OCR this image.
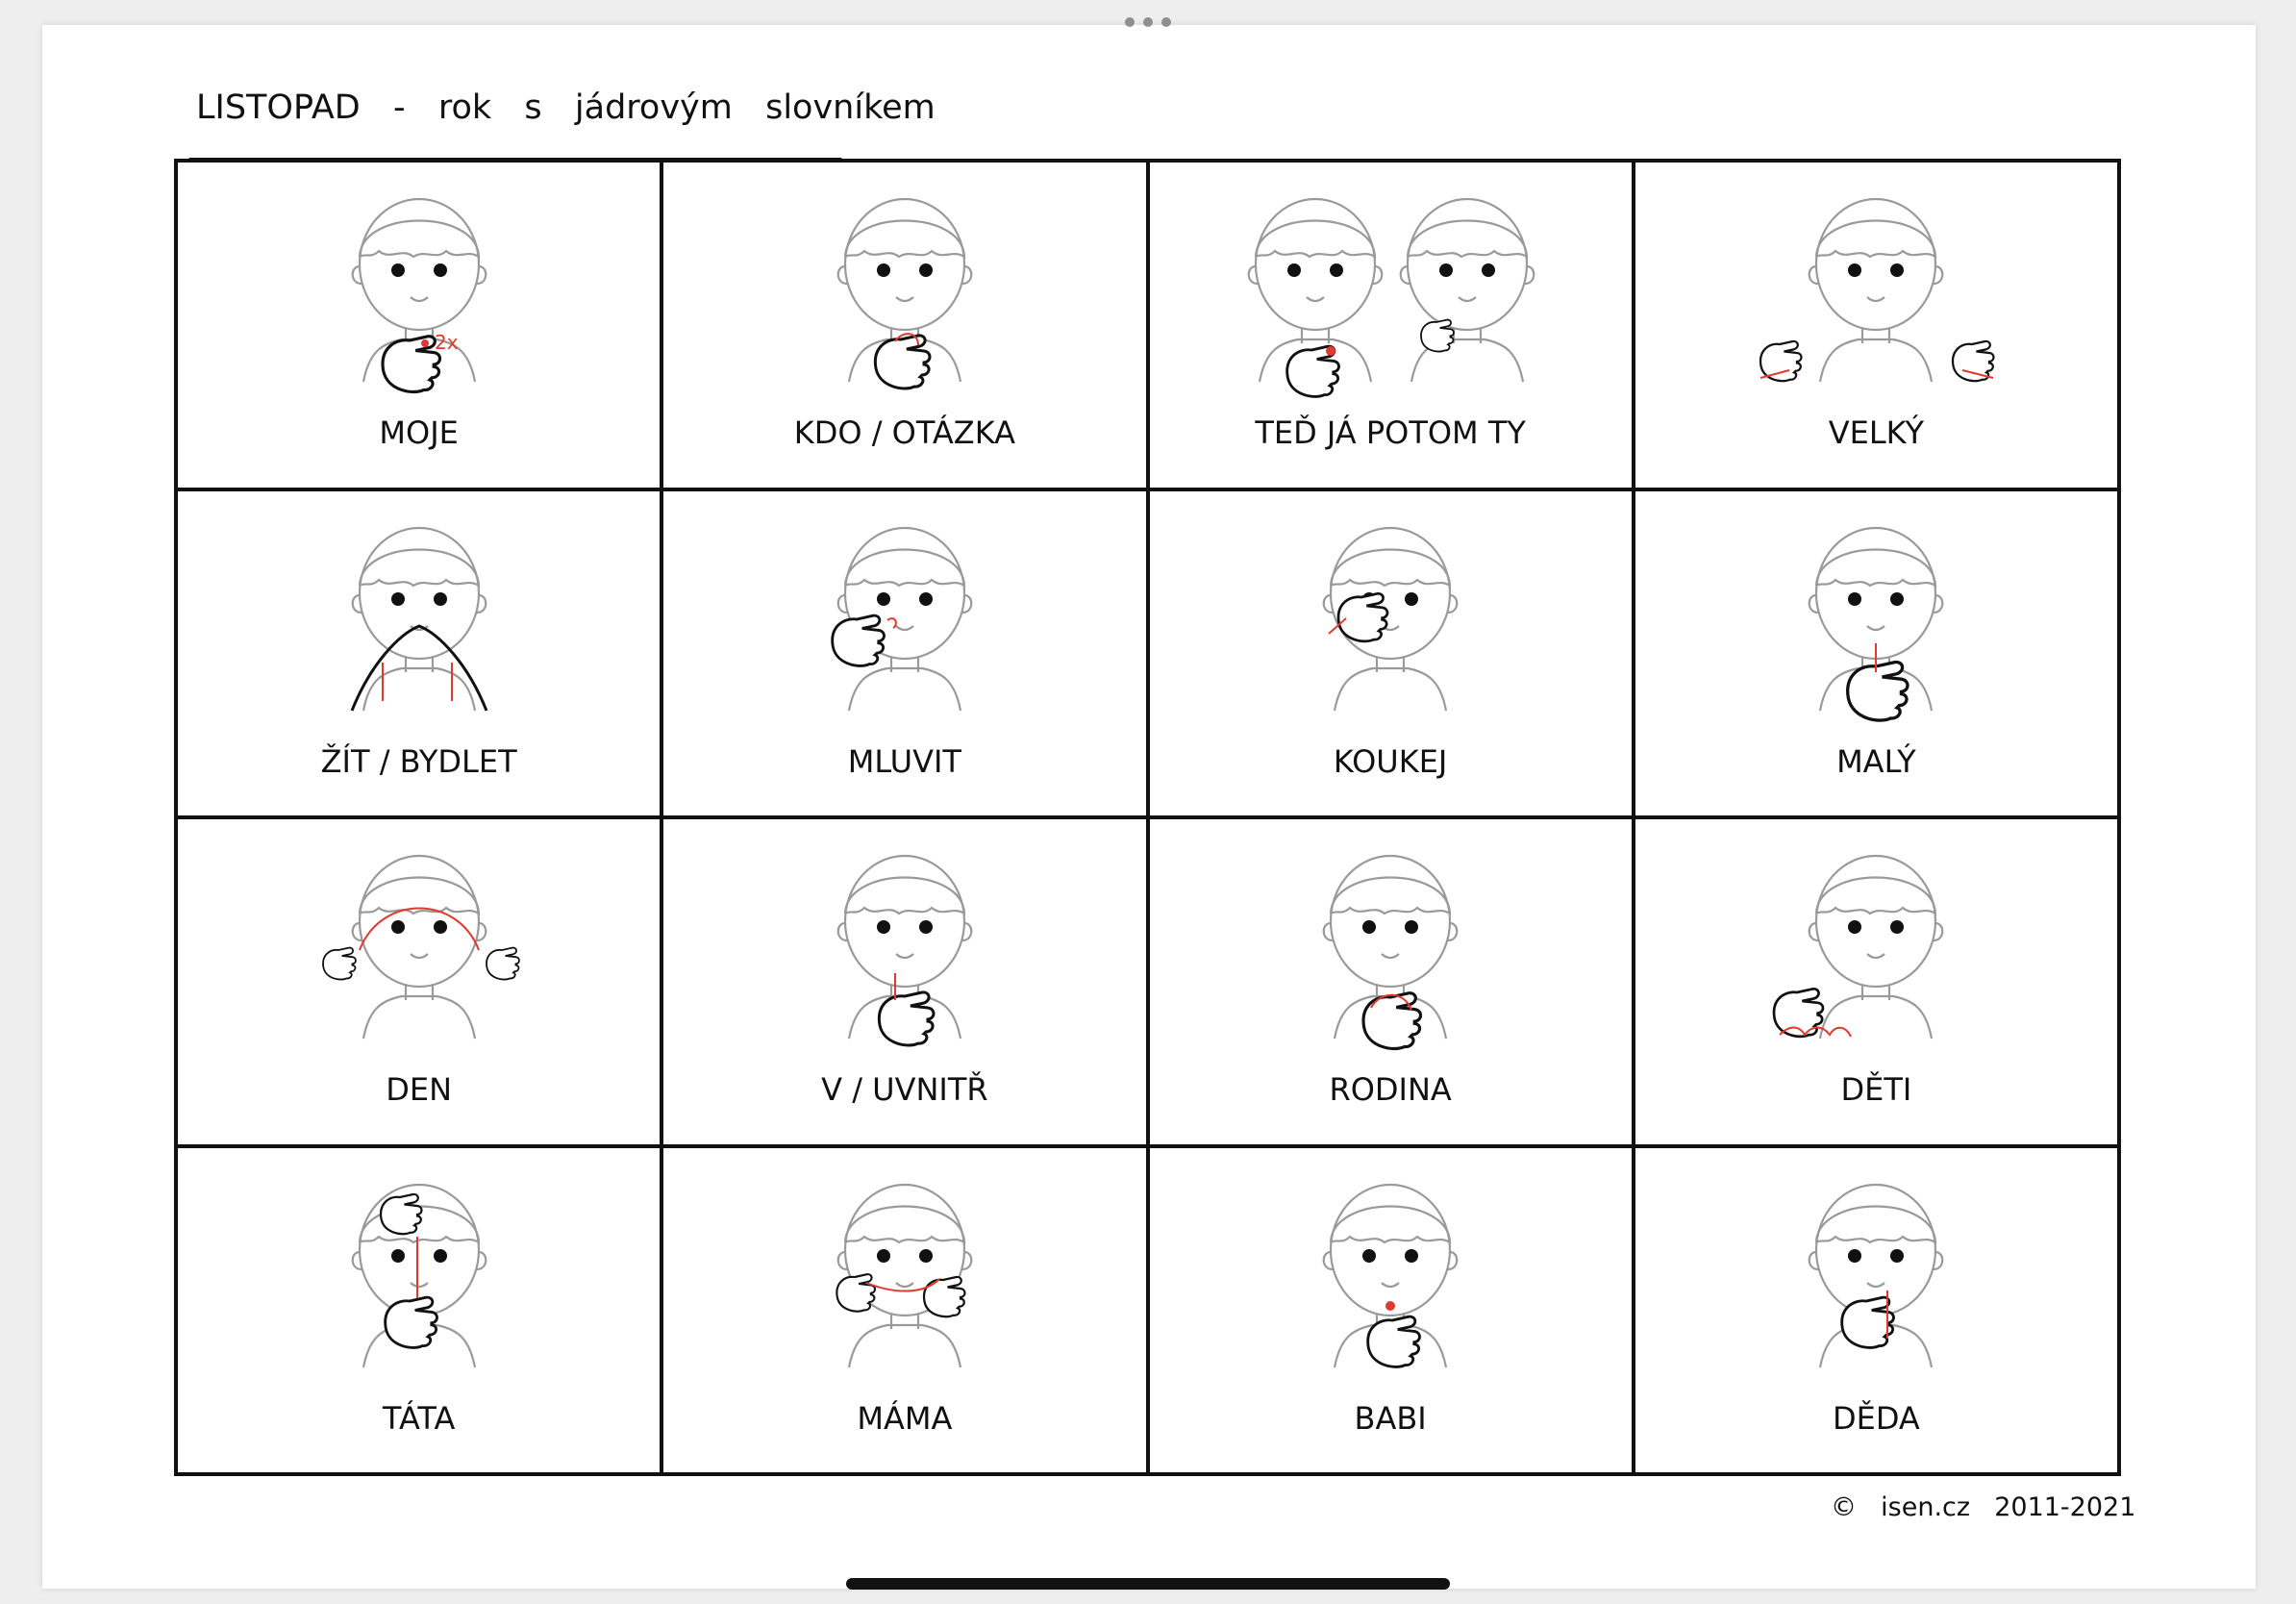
LISTOPAD  -  rok  s  jádrovým  slovníkem
2x
MOJE	KDO / OTÁZKA	TEĎ JÁ POTOM TY	VELKÝ
ŽÍT / BYDLET	MLUVIT	KOUKEJ	MALÝ
DEN	V / UVNITŘ	RODINA	DĚTI
TÁTA	MÁMA	BABI	DĚDA
©  isen.cz  2011-2021
